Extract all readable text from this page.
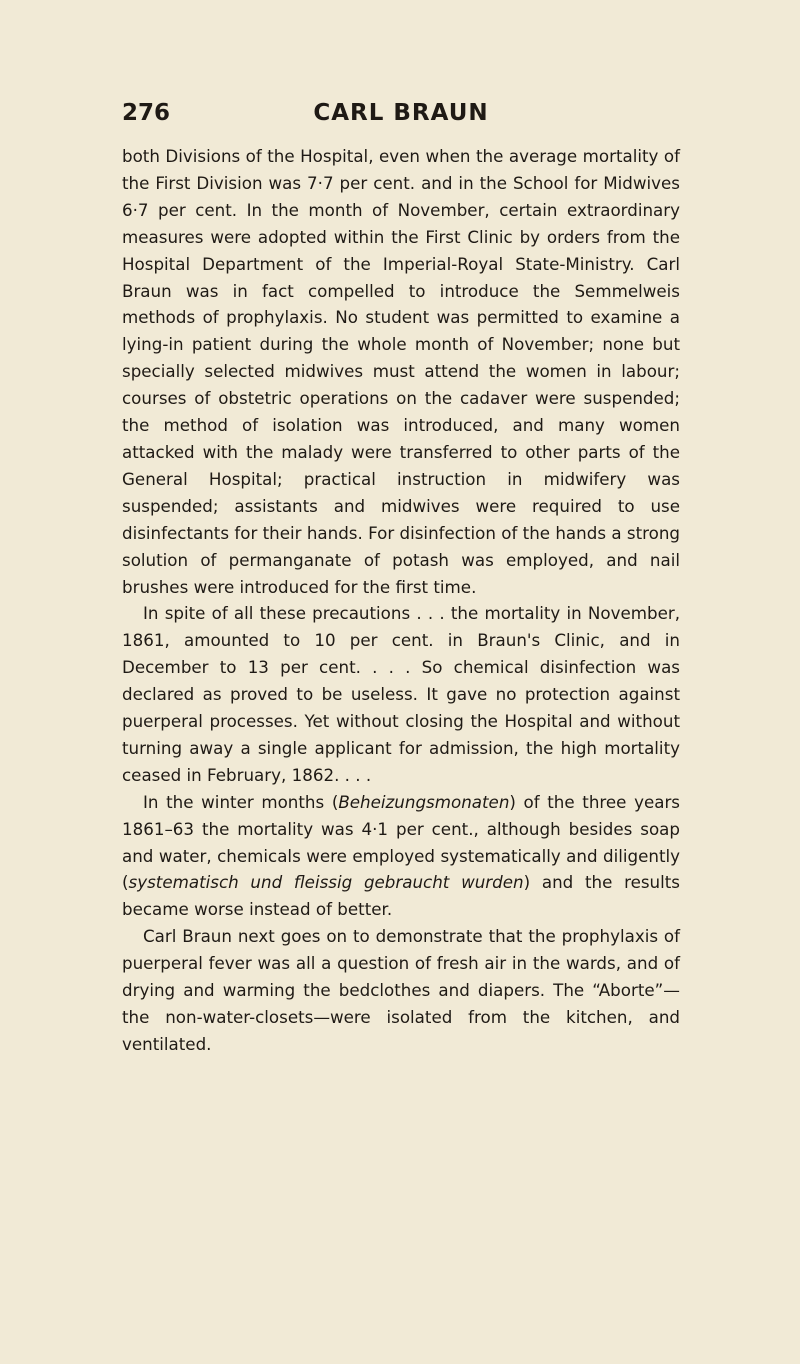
276	CARL BRAUN

both Divisions of the Hospital, even when the average mortality of the First Division was 7·7 per cent. and in the School for Midwives 6·7 per cent. In the month of November, certain extraordinary measures were adopted within the First Clinic by orders from the Hospital Department of the Imperial-Royal State-Ministry. Carl Braun was in fact compelled to introduce the Semmelweis methods of prophylaxis. No student was permitted to examine a lying-in patient during the whole month of November; none but specially selected midwives must attend the women in labour; courses of obstetric operations on the cadaver were suspended; the method of isolation was introduced, and many women attacked with the malady were transferred to other parts of the General Hospital; practical instruction in midwifery was suspended; assistants and midwives were required to use disinfectants for their hands. For disinfection of the hands a strong solution of permanganate of potash was employed, and nail brushes were introduced for the first time.

In spite of all these precautions . . . the mortality in November, 1861, amounted to 10 per cent. in Braun's Clinic, and in December to 13 per cent. . . . So chemical disinfection was declared as proved to be useless. It gave no protection against puerperal processes. Yet without closing the Hospital and without turning away a single applicant for admission, the high mortality ceased in February, 1862. . . .

In the winter months (Beheizungsmonaten) of the three years 1861–63 the mortality was 4·1 per cent., although besides soap and water, chemicals were employed systematically and diligently (systematisch und fleissig gebraucht wurden) and the results became worse instead of better.

Carl Braun next goes on to demonstrate that the prophylaxis of puerperal fever was all a question of fresh air in the wards, and of drying and warming the bedclothes and diapers. The “Aborte”—the non-water-closets—were isolated from the kitchen, and ventilated.
